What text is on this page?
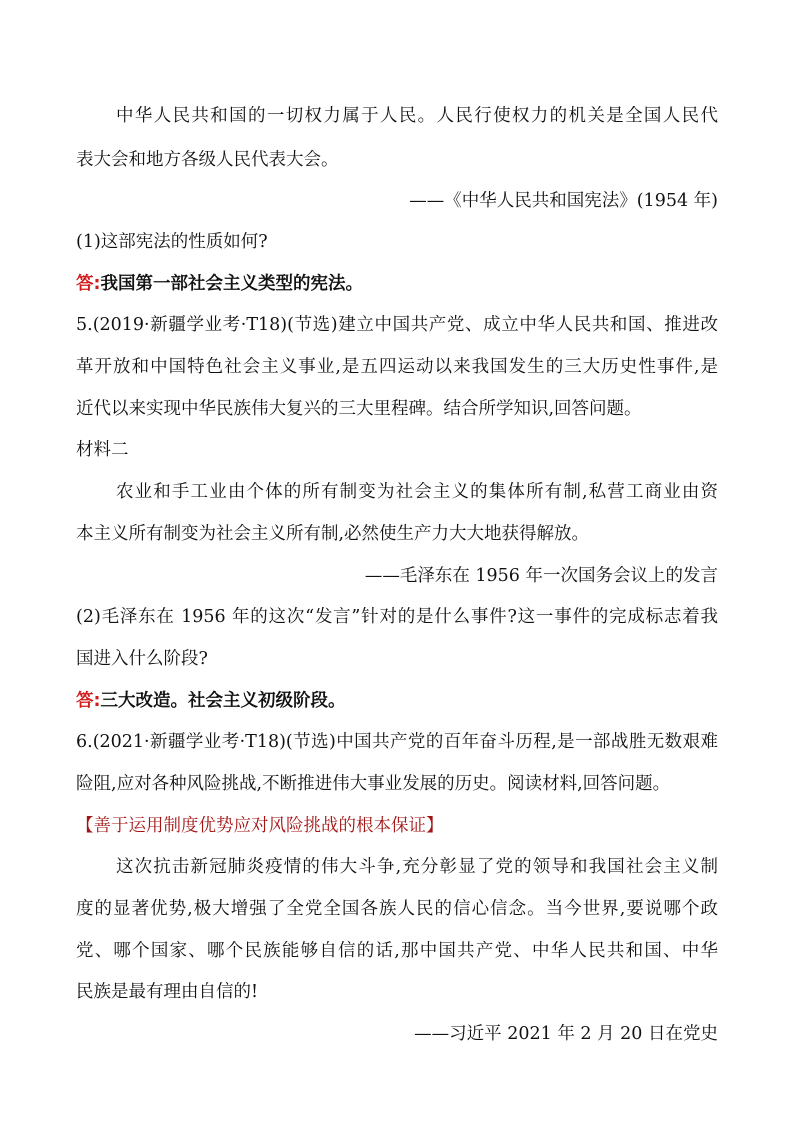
中华人民共和国的一切权力属于人民。人民行使权力的机关是全国人民代
表大会和地方各级人民代表大会。
——《中华人民共和国宪法》(1954 年)
(1)这部宪法的性质如何?
答:我国第一部社会主义类型的宪法。
5.(2019·新疆学业考·T18)(节选)建立中国共产党、成立中华人民共和国、推进改
革开放和中国特色社会主义事业,是五四运动以来我国发生的三大历史性事件,是
近代以来实现中华民族伟大复兴的三大里程碑。结合所学知识,回答问题。
材料二
农业和手工业由个体的所有制变为社会主义的集体所有制,私营工商业由资
本主义所有制变为社会主义所有制,必然使生产力大大地获得解放。
——毛泽东在 1956 年一次国务会议上的发言
(2)毛泽东在 1956 年的这次“发言”针对的是什么事件?这一事件的完成标志着我
国进入什么阶段?
答:三大改造。社会主义初级阶段。
6.(2021·新疆学业考·T18)(节选)中国共产党的百年奋斗历程,是一部战胜无数艰难
险阻,应对各种风险挑战,不断推进伟大事业发展的历史。阅读材料,回答问题。
【善于运用制度优势应对风险挑战的根本保证】
这次抗击新冠肺炎疫情的伟大斗争,充分彰显了党的领导和我国社会主义制
度的显著优势,极大增强了全党全国各族人民的信心信念。当今世界,要说哪个政
党、哪个国家、哪个民族能够自信的话,那中国共产党、中华人民共和国、中华
民族是最有理由自信的!
——习近平 2021 年 2 月 20 日在党史
